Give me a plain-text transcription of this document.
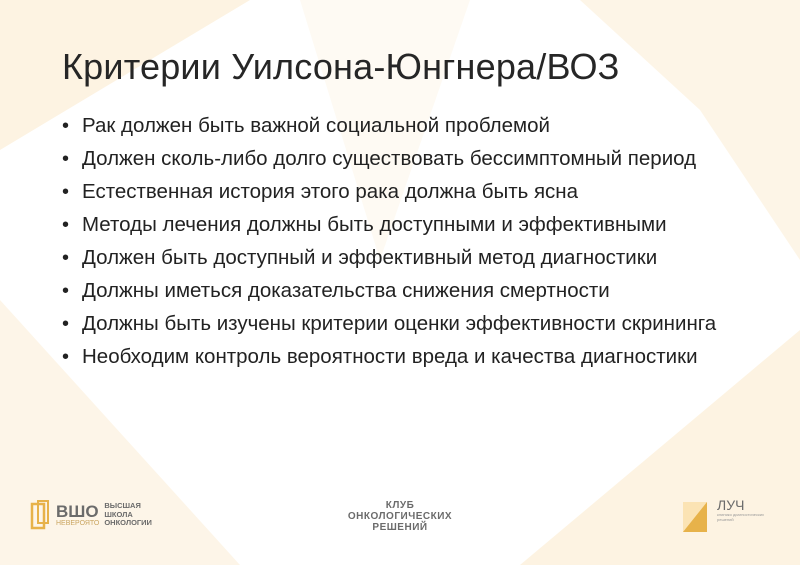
Критерии Уилсона-Юнгнера/ВОЗ
• Рак должен быть важной социальной проблемой
• Должен сколь-либо долго существовать бессимптомный период
• Естественная история этого рака должна быть ясна
• Методы лечения должны быть доступными и эффективными
• Должен быть доступный и эффективный метод диагностики
• Должны иметься доказательства снижения смертности
• Должны быть изучены критерии оценки эффективности скрининга
• Необходим контроль вероятности вреда и качества диагностики
ВШО
НЕВЕРОЯТО
ВЫСШАЯ
ШКОЛА
ОНКОЛОГИИ
КЛУБ
ОНКОЛОГИЧЕСКИХ
РЕШЕНИЙ
ЛУЧ
клинико диагностических решений
